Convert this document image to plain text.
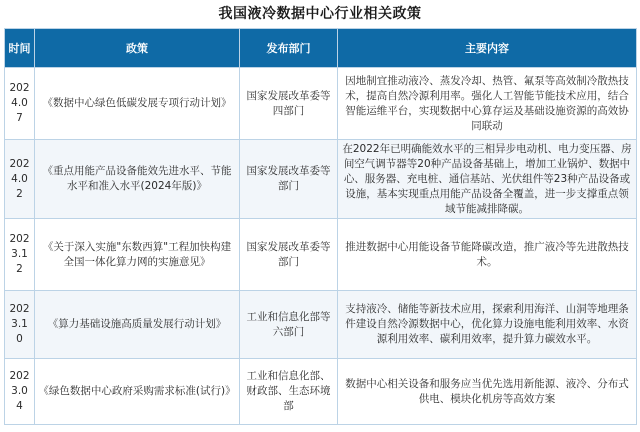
我国液冷数据中心行业相关政策
时间	政策	发布部门	主要内容

202
4.0
7	《数据中心绿色低碳发展专项行动计划》	国家发展改革委等四部门	因地制宜推动液冷、蒸发冷却、热管、氟泵等高效制冷散热技术，提高自然冷源利用率。强化人工智能节能技术应用，结合智能运维平台，实现数据中心算存运及基础设施资源的高效协同联动

202
4.0
2	《重点用能产品设备能效先进水平、节能水平和准入水平(2024年版)》	国家发展改革委等部门	在2022年已明确能效水平的三相异步电动机、电力变压器、房间空气调节器等20种产品设备基础上，增加工业锅炉、数据中心、服务器、充电桩、通信基站、光伏组件等23种产品设备或设施，基本实现重点用能产品设备全覆盖，进一步支撑重点领域节能减排降碳。

202
3.1
2	《关于深入实施"东数西算"工程加快构建全国一体化算力网的实施意见》	国家发展改革委等部门	推进数据中心用能设备节能降碳改造，推广液冷等先进散热技术。

202
3.1
0	《算力基础设施高质量发展行动计划》	工业和信息化部等六部门	支持液冷、储能等新技术应用，探索利用海洋、山洞等地理条件建设自然冷源数据中心，优化算力设施电能利用效率、水资源利用效率、碳利用效率，提升算力碳效水平。

202
3.0
4	《绿色数据中心政府采购需求标准(试行)》	工业和信息化部、财政部、生态环境部	数据中心相关设备和服务应当优先选用新能源、液冷、分布式供电、模块化机房等高效方案
